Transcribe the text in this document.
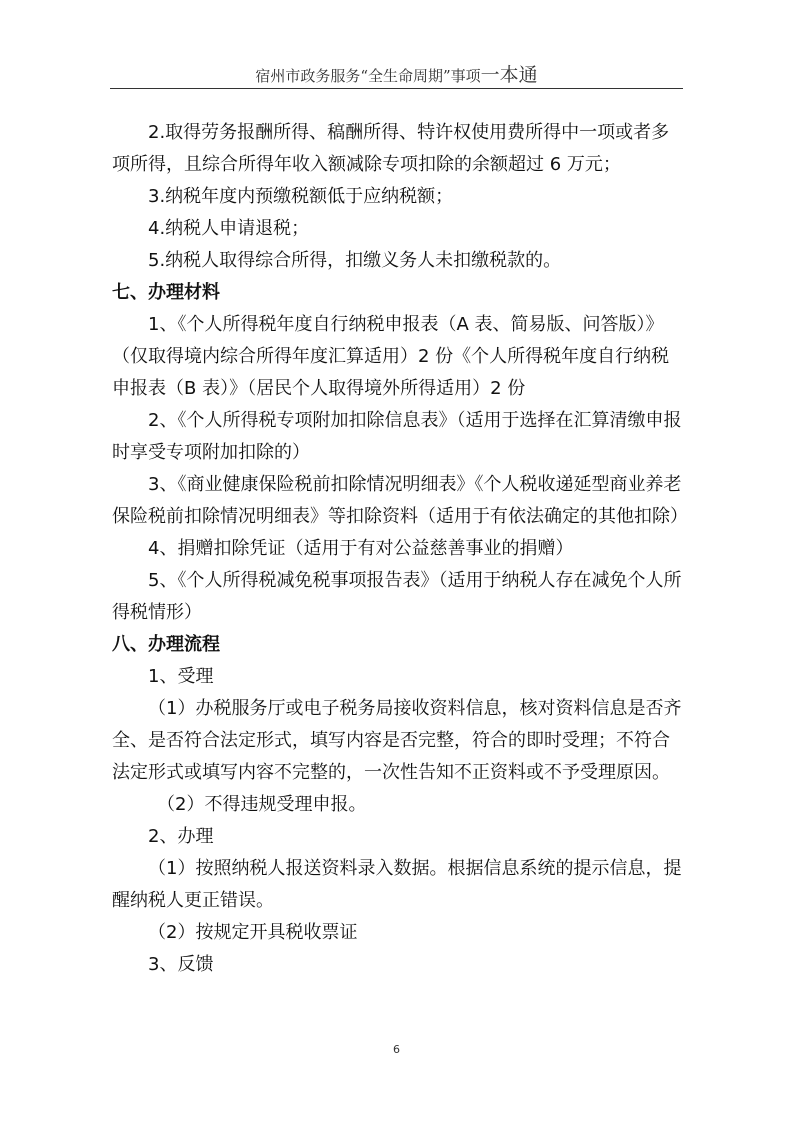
宿州市政务服务“全生命周期”事项一本通

2.取得劳务报酬所得、稿酬所得、特许权使用费所得中一项或者多项所得，且综合所得年收入额减除专项扣除的余额超过 6 万元；

3.纳税年度内预缴税额低于应纳税额；

4.纳税人申请退税；

5.纳税人取得综合所得，扣缴义务人未扣缴税款的。

七、办理材料

1、《个人所得税年度自行纳税申报表（A 表、简易版、问答版）》（仅取得境内综合所得年度汇算适用）2 份《个人所得税年度自行纳税申报表（B 表）》（居民个人取得境外所得适用）2 份

2、《个人所得税专项附加扣除信息表》（适用于选择在汇算清缴申报时享受专项附加扣除的）

3、《商业健康保险税前扣除情况明细表》《个人税收递延型商业养老保险税前扣除情况明细表》等扣除资料（适用于有依法确定的其他扣除）

4、捐赠扣除凭证（适用于有对公益慈善事业的捐赠）

5、《个人所得税减免税事项报告表》（适用于纳税人存在减免个人所得税情形）

八、办理流程

1、受理

（1）办税服务厅或电子税务局接收资料信息，核对资料信息是否齐全、是否符合法定形式，填写内容是否完整，符合的即时受理；不符合法定形式或填写内容不完整的，一次性告知不正资料或不予受理原因。

（2）不得违规受理申报。

2、办理

（1）按照纳税人报送资料录入数据。根据信息系统的提示信息，提醒纳税人更正错误。

（2）按规定开具税收票证

3、反馈

6
